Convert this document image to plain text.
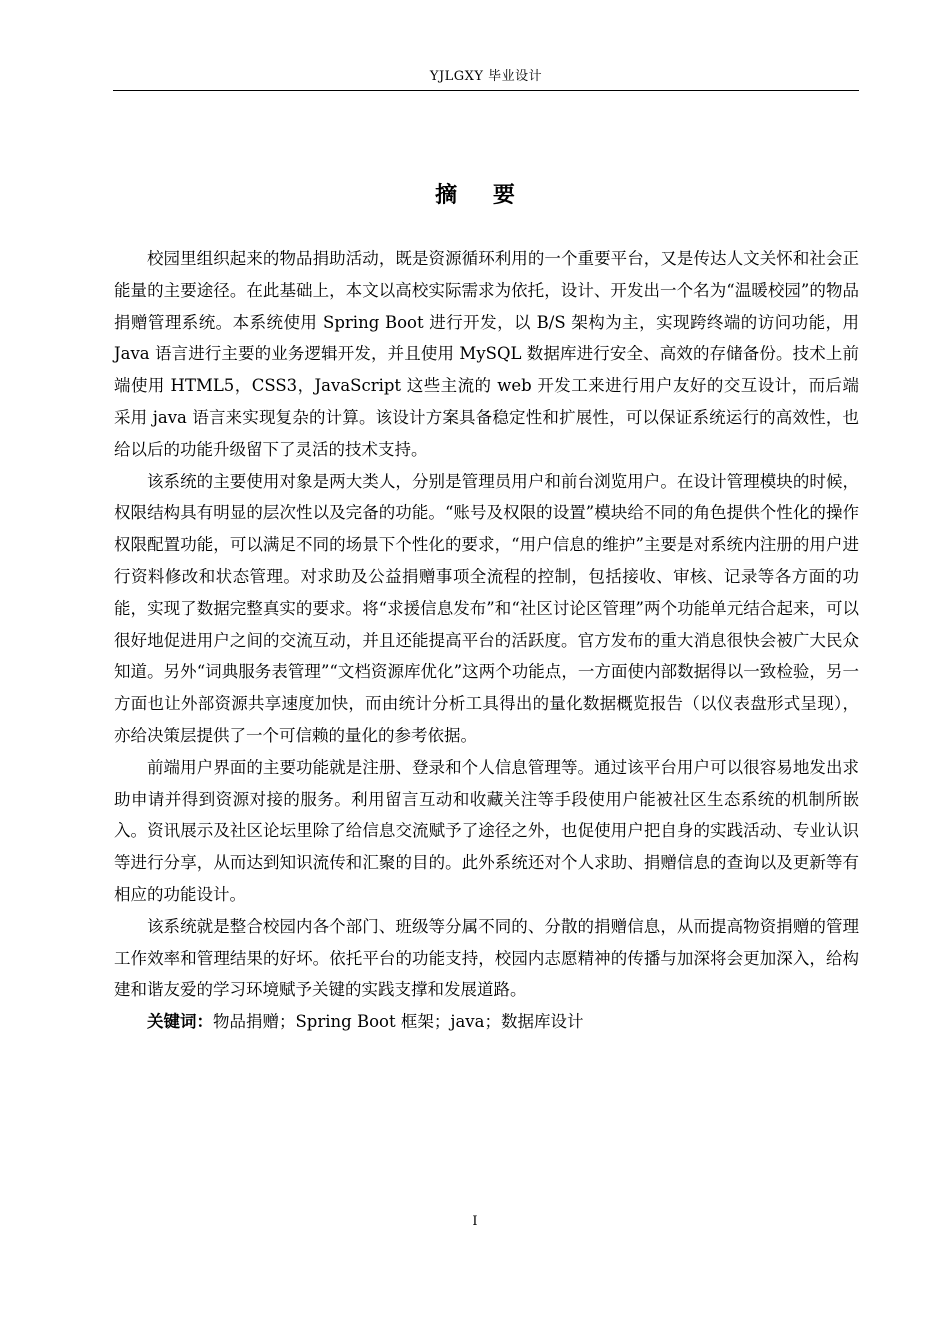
YJLGXY 毕业设计
摘 要

校园里组织起来的物品捐助活动，既是资源循环利用的一个重要平台，又是传达人文关怀和社会正能量的主要途径。在此基础上，本文以高校实际需求为依托，设计、开发出一个名为“温暖校园”的物品捐赠管理系统。本系统使用 Spring Boot 进行开发，以 B/S 架构为主，实现跨终端的访问功能，用 Java 语言进行主要的业务逻辑开发，并且使用 MySQL 数据库进行安全、高效的存储备份。技术上前端使用 HTML5，CSS3，JavaScript 这些主流的 web 开发工来进行用户友好的交互设计，而后端采用 java 语言来实现复杂的计算。该设计方案具备稳定性和扩展性，可以保证系统运行的高效性，也给以后的功能升级留下了灵活的技术支持。

该系统的主要使用对象是两大类人，分别是管理员用户和前台浏览用户。在设计管理模块的时候，权限结构具有明显的层次性以及完备的功能。“账号及权限的设置”模块给不同的角色提供个性化的操作权限配置功能，可以满足不同的场景下个性化的要求，“用户信息的维护”主要是对系统内注册的用户进行资料修改和状态管理。对求助及公益捐赠事项全流程的控制，包括接收、审核、记录等各方面的功能，实现了数据完整真实的要求。将“求援信息发布”和“社区讨论区管理”两个功能单元结合起来，可以很好地促进用户之间的交流互动，并且还能提高平台的活跃度。官方发布的重大消息很快会被广大民众知道。另外“词典服务表管理”“文档资源库优化”这两个功能点，一方面使内部数据得以一致检验，另一方面也让外部资源共享速度加快，而由统计分析工具得出的量化数据概览报告（以仪表盘形式呈现），亦给决策层提供了一个可信赖的量化的参考依据。

前端用户界面的主要功能就是注册、登录和个人信息管理等。通过该平台用户可以很容易地发出求助申请并得到资源对接的服务。利用留言互动和收藏关注等手段使用户能被社区生态系统的机制所嵌入。资讯展示及社区论坛里除了给信息交流赋予了途径之外，也促使用户把自身的实践活动、专业认识等进行分享，从而达到知识流传和汇聚的目的。此外系统还对个人求助、捐赠信息的查询以及更新等有相应的功能设计。

该系统就是整合校园内各个部门、班级等分属不同的、分散的捐赠信息，从而提高物资捐赠的管理工作效率和管理结果的好坏。依托平台的功能支持，校园内志愿精神的传播与加深将会更加深入，给构建和谐友爱的学习环境赋予关键的实践支撑和发展道路。

关键词：物品捐赠；Spring Boot 框架；java；数据库设计

I
